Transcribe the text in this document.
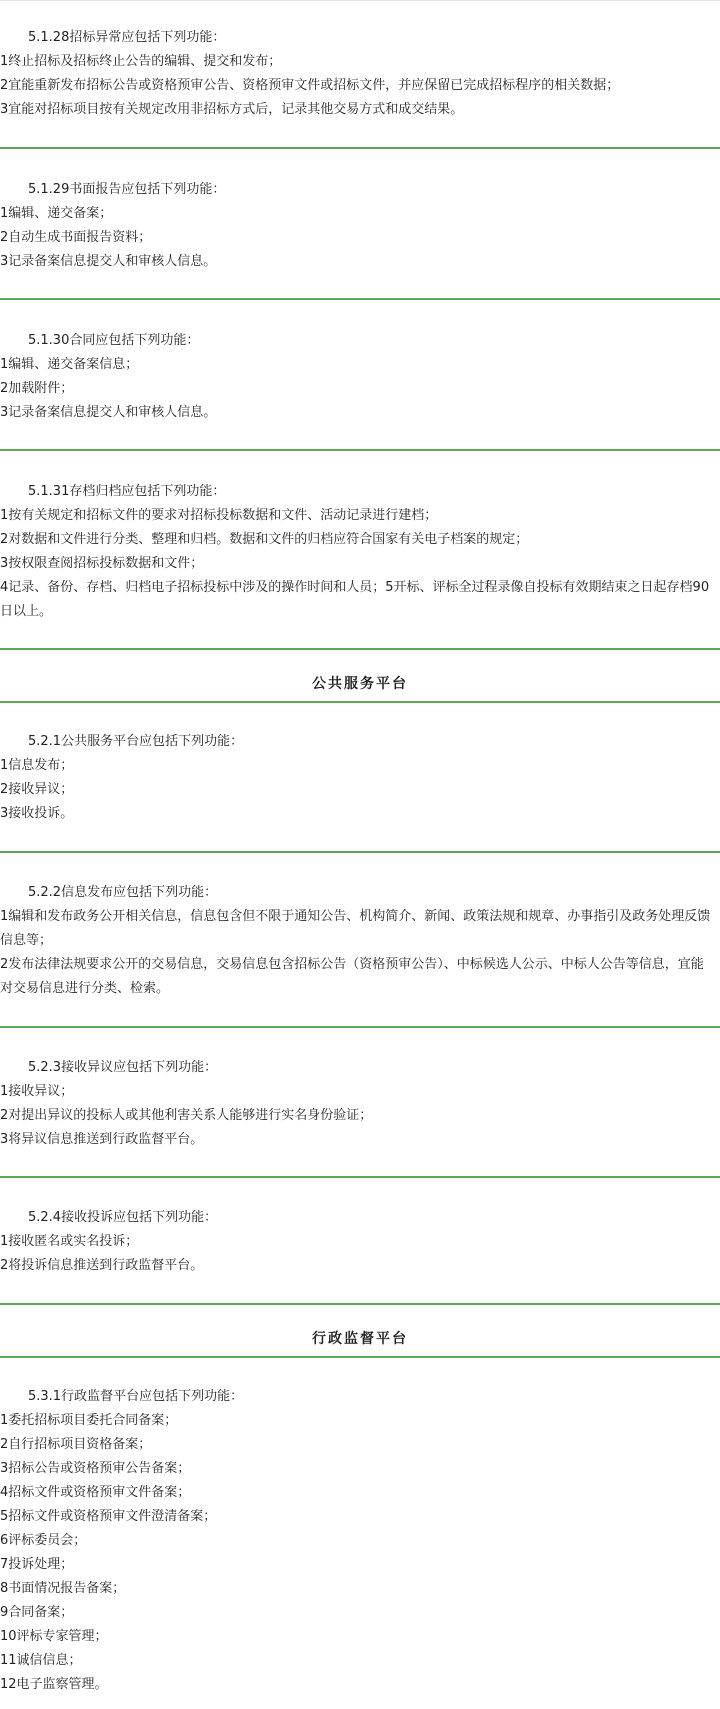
5.1.28招标异常应包括下列功能：
1终止招标及招标终止公告的编辑、提交和发布；
2宜能重新发布招标公告或资格预审公告、资格预审文件或招标文件，并应保留已完成招标程序的相关数据；
3宜能对招标项目按有关规定改用非招标方式后，记录其他交易方式和成交结果。
5.1.29书面报告应包括下列功能：
1编辑、递交备案；
2自动生成书面报告资料；
3记录备案信息提交人和审核人信息。
5.1.30合同应包括下列功能：
1编辑、递交备案信息；
2加载附件；
3记录备案信息提交人和审核人信息。
5.1.31存档归档应包括下列功能：
1按有关规定和招标文件的要求对招标投标数据和文件、活动记录进行建档；
2对数据和文件进行分类、整理和归档。数据和文件的归档应符合国家有关电子档案的规定；
3按权限查阅招标投标数据和文件；
4记录、备份、存档、归档电子招标投标中涉及的操作时间和人员；5开标、评标全过程录像自投标有效期结束之日起存档90日以上。
公共服务平台
5.2.1公共服务平台应包括下列功能：
1信息发布；
2接收异议；
3接收投诉。
5.2.2信息发布应包括下列功能：
1编辑和发布政务公开相关信息，信息包含但不限于通知公告、机构简介、新闻、政策法规和规章、办事指引及政务处理反馈信息等；
2发布法律法规要求公开的交易信息，交易信息包含招标公告（资格预审公告）、中标候选人公示、中标人公告等信息，宜能对交易信息进行分类、检索。
5.2.3接收异议应包括下列功能：
1接收异议；
2对提出异议的投标人或其他利害关系人能够进行实名身份验证；
3将异议信息推送到行政监督平台。
5.2.4接收投诉应包括下列功能：
1接收匿名或实名投诉；
2将投诉信息推送到行政监督平台。
行政监督平台
5.3.1行政监督平台应包括下列功能：
1委托招标项目委托合同备案；
2自行招标项目资格备案；
3招标公告或资格预审公告备案；
4招标文件或资格预审文件备案；
5招标文件或资格预审文件澄清备案；
6评标委员会；
7投诉处理；
8书面情况报告备案；
9合同备案；
10评标专家管理；
11诚信信息；
12电子监察管理。
